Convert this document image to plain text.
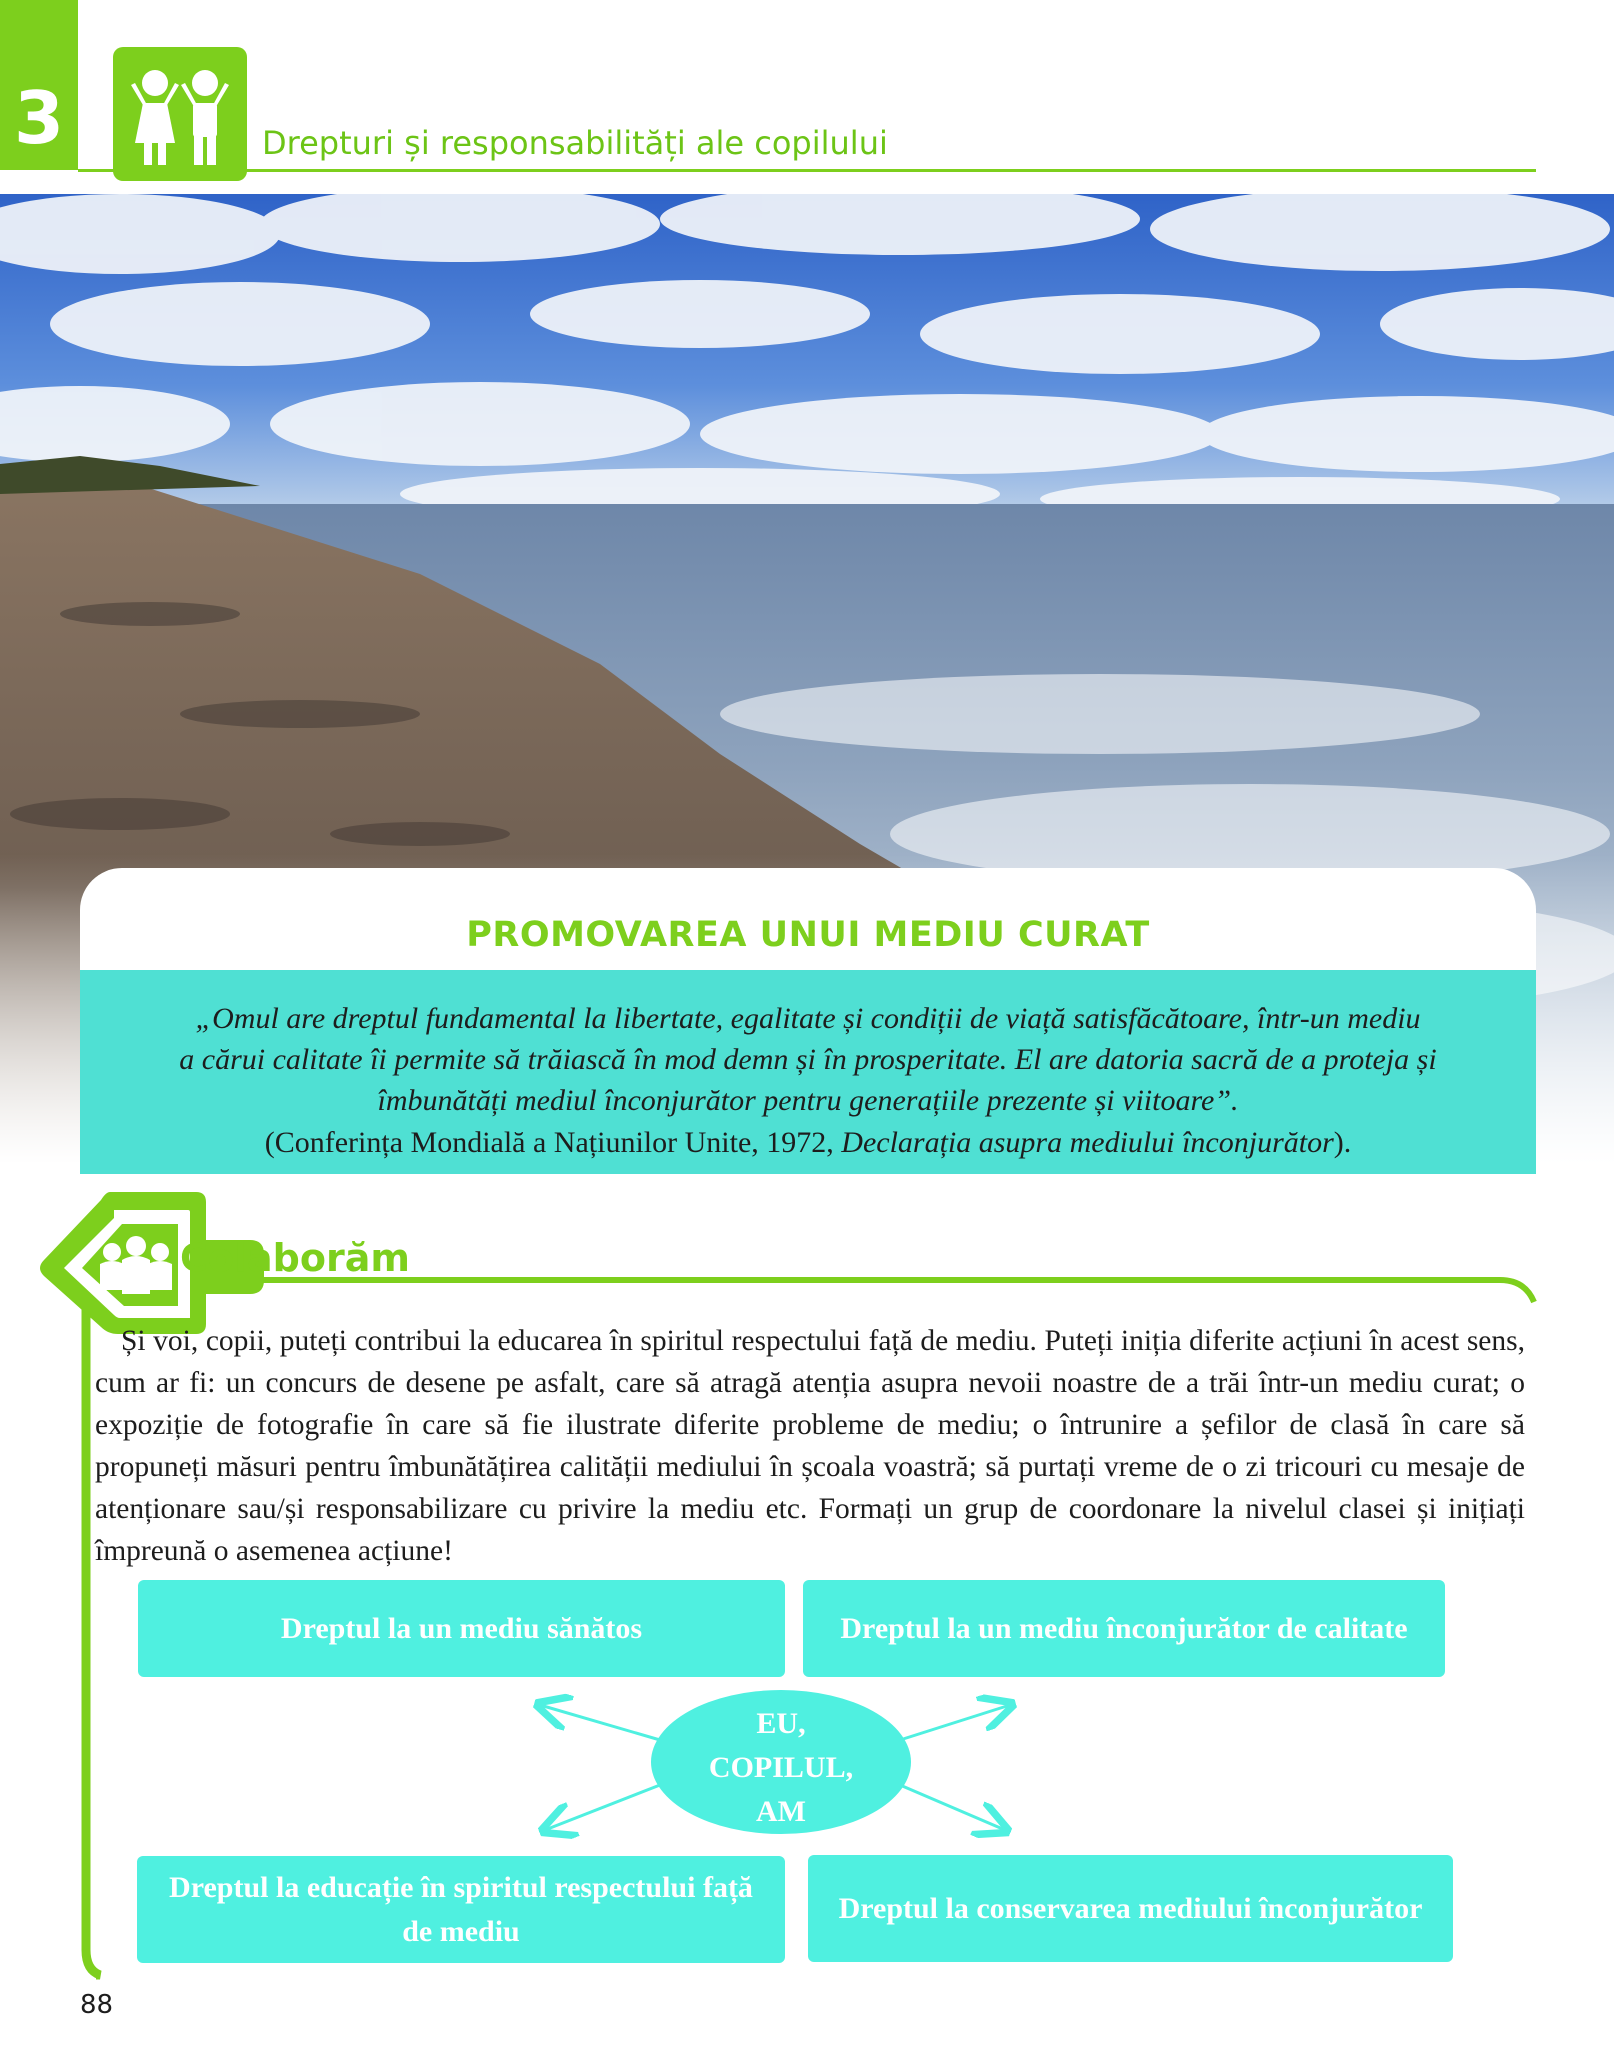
3	Drepturi și responsabilități ale copilului
PROMOVAREA UNUI MEDIU CURAT
„Omul are dreptul fundamental la libertate, egalitate și condiții de viață satisfăcătoare, într-un mediu
a cărui calitate îi permite să trăiască în mod demn și în prosperitate. El are datoria sacră de a proteja și
îmbunătăți mediul înconjurător pentru generațiile prezente și viitoare”.
(Conferința Mondială a Națiunilor Unite, 1972, Declarația asupra mediului înconjurător).
Colaborăm

Și voi, copii, puteți contribui la educarea în spiritul respectului față de mediu. Puteți iniția diferite acțiuni în acest sens, cum ar fi: un concurs de desene pe asfalt, care să atragă atenția asupra nevoii noastre de a trăi într-un mediu curat; o expoziție de fotografie în care să fie ilustrate diferite probleme de mediu; o întrunire a șefilor de clasă în care să propuneți măsuri pentru îmbunătățirea calității mediului în școala voastră; să purtați vreme de o zi tricouri cu mesaje de atenționare sau/și responsabilizare cu privire la mediu etc. Formați un grup de coordonare la nivelul clasei și inițiați împreună o asemenea acțiune!

Dreptul la un mediu sănătos	Dreptul la un mediu înconjurător de calitate
Dreptul la educație în spiritul respectului față de mediu
Dreptul la conservarea mediului înconjurător
EU,
COPILUL,
AM
88
